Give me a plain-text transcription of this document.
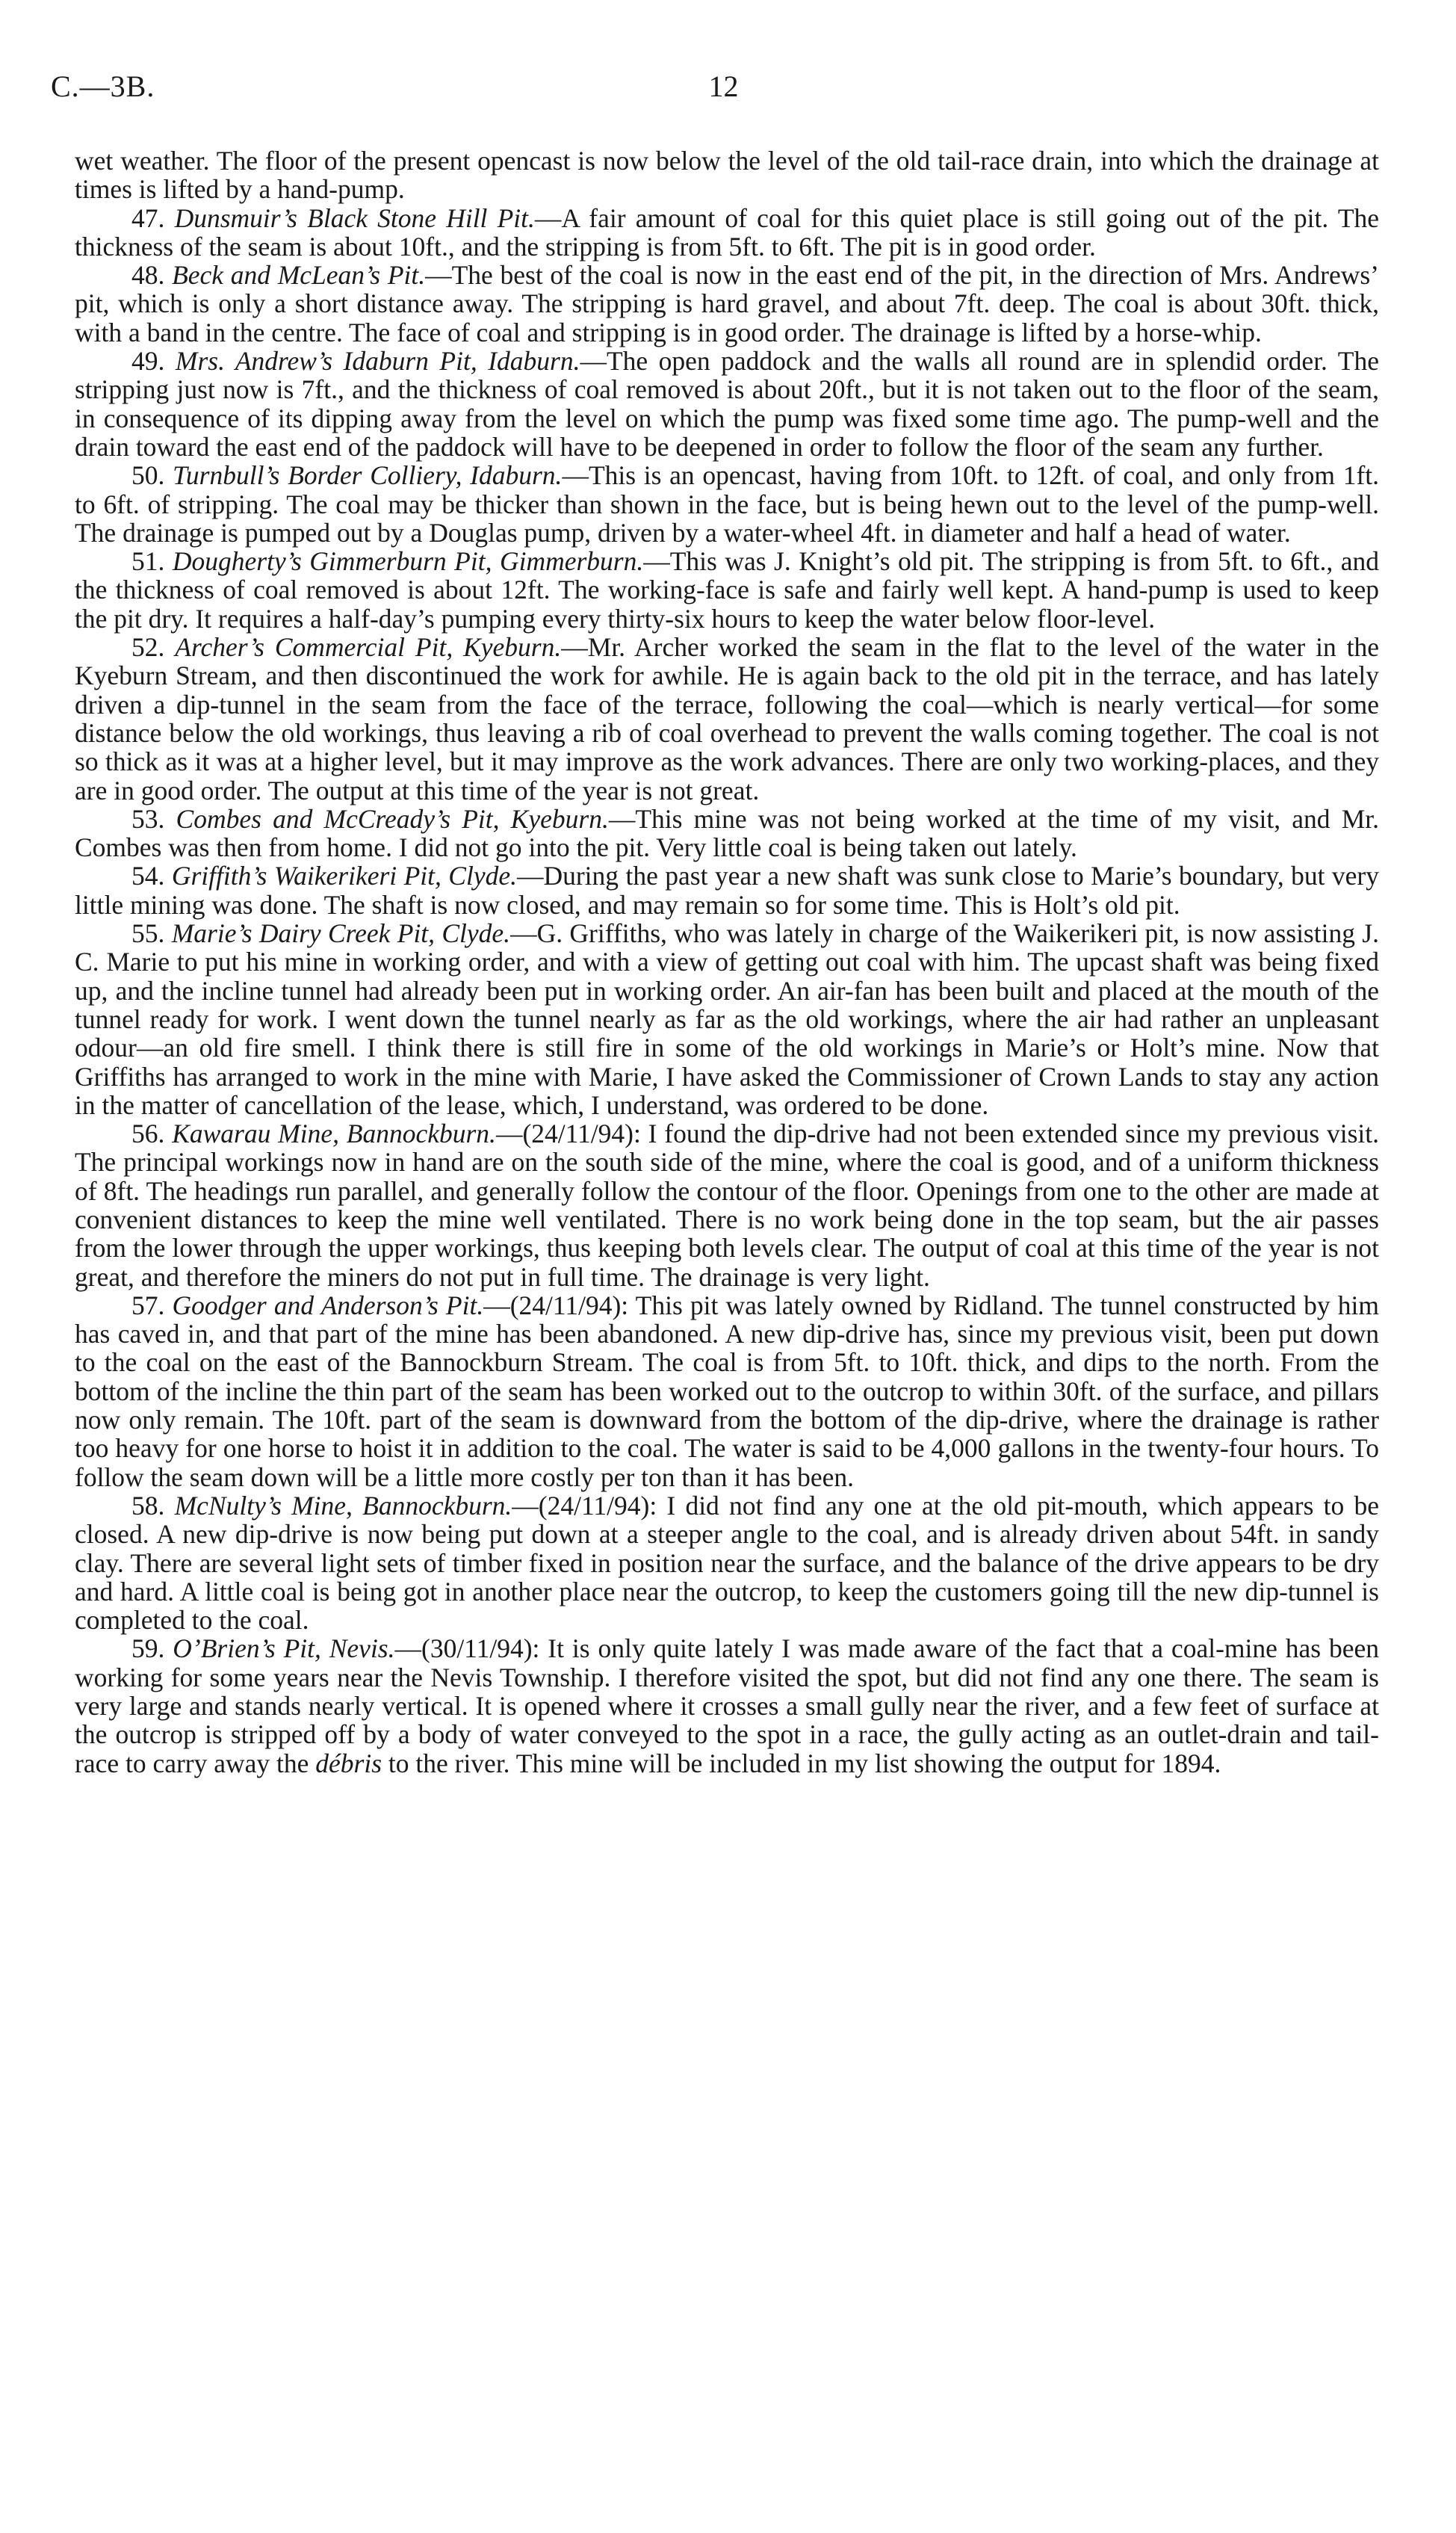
C.—3B.	12

wet weather. The floor of the present opencast is now below the level of the old tail-race drain, into which the drainage at times is lifted by a hand-pump.

47. Dunsmuir’s Black Stone Hill Pit.—A fair amount of coal for this quiet place is still going out of the pit. The thickness of the seam is about 10ft., and the stripping is from 5ft. to 6ft. The pit is in good order.

48. Beck and McLean’s Pit.—The best of the coal is now in the east end of the pit, in the direction of Mrs. Andrews’ pit, which is only a short distance away. The stripping is hard gravel, and about 7ft. deep. The coal is about 30ft. thick, with a band in the centre. The face of coal and stripping is in good order. The drainage is lifted by a horse-whip.

49. Mrs. Andrew’s Idaburn Pit, Idaburn.—The open paddock and the walls all round are in splendid order. The stripping just now is 7ft., and the thickness of coal removed is about 20ft., but it is not taken out to the floor of the seam, in consequence of its dipping away from the level on which the pump was fixed some time ago. The pump-well and the drain toward the east end of the paddock will have to be deepened in order to follow the floor of the seam any further.

50. Turnbull’s Border Colliery, Idaburn.—This is an opencast, having from 10ft. to 12ft. of coal, and only from 1ft. to 6ft. of stripping. The coal may be thicker than shown in the face, but is being hewn out to the level of the pump-well. The drainage is pumped out by a Douglas pump, driven by a water-wheel 4ft. in diameter and half a head of water.

51. Dougherty’s Gimmerburn Pit, Gimmerburn.—This was J. Knight’s old pit. The stripping is from 5ft. to 6ft., and the thickness of coal removed is about 12ft. The working-face is safe and fairly well kept. A hand-pump is used to keep the pit dry. It requires a half-day’s pumping every thirty-six hours to keep the water below floor-level.

52. Archer’s Commercial Pit, Kyeburn.—Mr. Archer worked the seam in the flat to the level of the water in the Kyeburn Stream, and then discontinued the work for awhile. He is again back to the old pit in the terrace, and has lately driven a dip-tunnel in the seam from the face of the terrace, following the coal—which is nearly vertical—for some distance below the old workings, thus leaving a rib of coal overhead to prevent the walls coming together. The coal is not so thick as it was at a higher level, but it may improve as the work advances. There are only two working-places, and they are in good order. The output at this time of the year is not great.

53. Combes and McCready’s Pit, Kyeburn.—This mine was not being worked at the time of my visit, and Mr. Combes was then from home. I did not go into the pit. Very little coal is being taken out lately.

54. Griffith’s Waikerikeri Pit, Clyde.—During the past year a new shaft was sunk close to Marie’s boundary, but very little mining was done. The shaft is now closed, and may remain so for some time. This is Holt’s old pit.

55. Marie’s Dairy Creek Pit, Clyde.—G. Griffiths, who was lately in charge of the Waikerikeri pit, is now assisting J. C. Marie to put his mine in working order, and with a view of getting out coal with him. The upcast shaft was being fixed up, and the incline tunnel had already been put in working order. An air-fan has been built and placed at the mouth of the tunnel ready for work. I went down the tunnel nearly as far as the old workings, where the air had rather an unpleasant odour—an old fire smell. I think there is still fire in some of the old workings in Marie’s or Holt’s mine. Now that Griffiths has arranged to work in the mine with Marie, I have asked the Commissioner of Crown Lands to stay any action in the matter of cancellation of the lease, which, I understand, was ordered to be done.

56. Kawarau Mine, Bannockburn.—(24/11/94): I found the dip-drive had not been extended since my previous visit. The principal workings now in hand are on the south side of the mine, where the coal is good, and of a uniform thickness of 8ft. The headings run parallel, and generally follow the contour of the floor. Openings from one to the other are made at convenient distances to keep the mine well ventilated. There is no work being done in the top seam, but the air passes from the lower through the upper workings, thus keeping both levels clear. The output of coal at this time of the year is not great, and therefore the miners do not put in full time. The drainage is very light.

57. Goodger and Anderson’s Pit.—(24/11/94): This pit was lately owned by Ridland. The tunnel constructed by him has caved in, and that part of the mine has been abandoned. A new dip-drive has, since my previous visit, been put down to the coal on the east of the Bannockburn Stream. The coal is from 5ft. to 10ft. thick, and dips to the north. From the bottom of the incline the thin part of the seam has been worked out to the outcrop to within 30ft. of the surface, and pillars now only remain. The 10ft. part of the seam is downward from the bottom of the dip-drive, where the drainage is rather too heavy for one horse to hoist it in addition to the coal. The water is said to be 4,000 gallons in the twenty-four hours. To follow the seam down will be a little more costly per ton than it has been.

58. McNulty’s Mine, Bannockburn.—(24/11/94): I did not find any one at the old pit-mouth, which appears to be closed. A new dip-drive is now being put down at a steeper angle to the coal, and is already driven about 54ft. in sandy clay. There are several light sets of timber fixed in position near the surface, and the balance of the drive appears to be dry and hard. A little coal is being got in another place near the outcrop, to keep the customers going till the new dip-tunnel is completed to the coal.

59. O’Brien’s Pit, Nevis.—(30/11/94): It is only quite lately I was made aware of the fact that a coal-mine has been working for some years near the Nevis Township. I therefore visited the spot, but did not find any one there. The seam is very large and stands nearly vertical. It is opened where it crosses a small gully near the river, and a few feet of surface at the outcrop is stripped off by a body of water conveyed to the spot in a race, the gully acting as an outlet-drain and tail-race to carry away the débris to the river. This mine will be included in my list showing the output for 1894.
